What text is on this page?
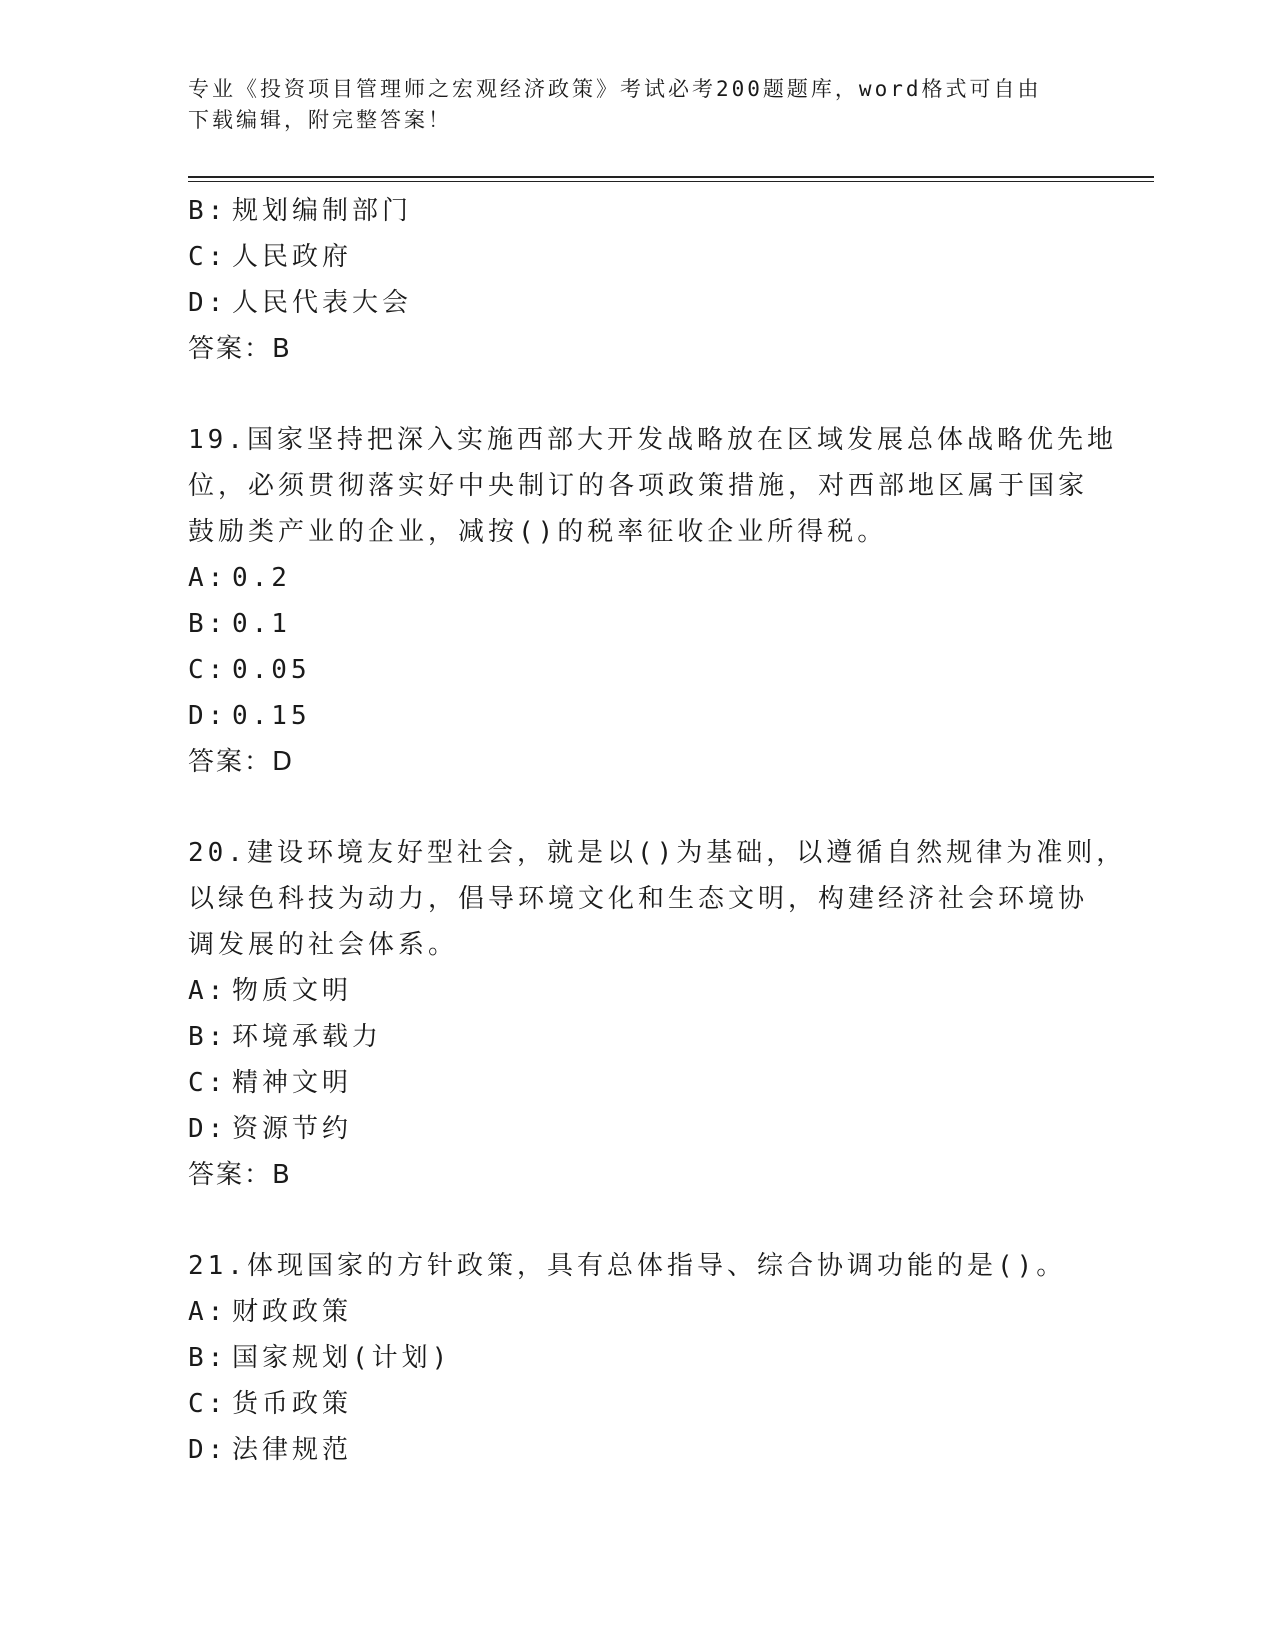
专业《投资项目管理师之宏观经济政策》考试必考200题题库，word格式可自由
下载编辑，附完整答案！
B: 规划编制部门
C: 人民政府
D: 人民代表大会
答案：B
19.国家坚持把深入实施西部大开发战略放在区域发展总体战略优先地
位，必须贯彻落实好中央制订的各项政策措施，对西部地区属于国家
鼓励类产业的企业，减按()的税率征收企业所得税。
A: 0.2
B: 0.1
C: 0.05
D: 0.15
答案：D
20.建设环境友好型社会，就是以()为基础，以遵循自然规律为准则，
以绿色科技为动力，倡导环境文化和生态文明，构建经济社会环境协
调发展的社会体系。
A: 物质文明
B: 环境承载力
C: 精神文明
D: 资源节约
答案：B
21.体现国家的方针政策，具有总体指导、综合协调功能的是()。
A: 财政政策
B: 国家规划(计划)
C: 货币政策
D: 法律规范
